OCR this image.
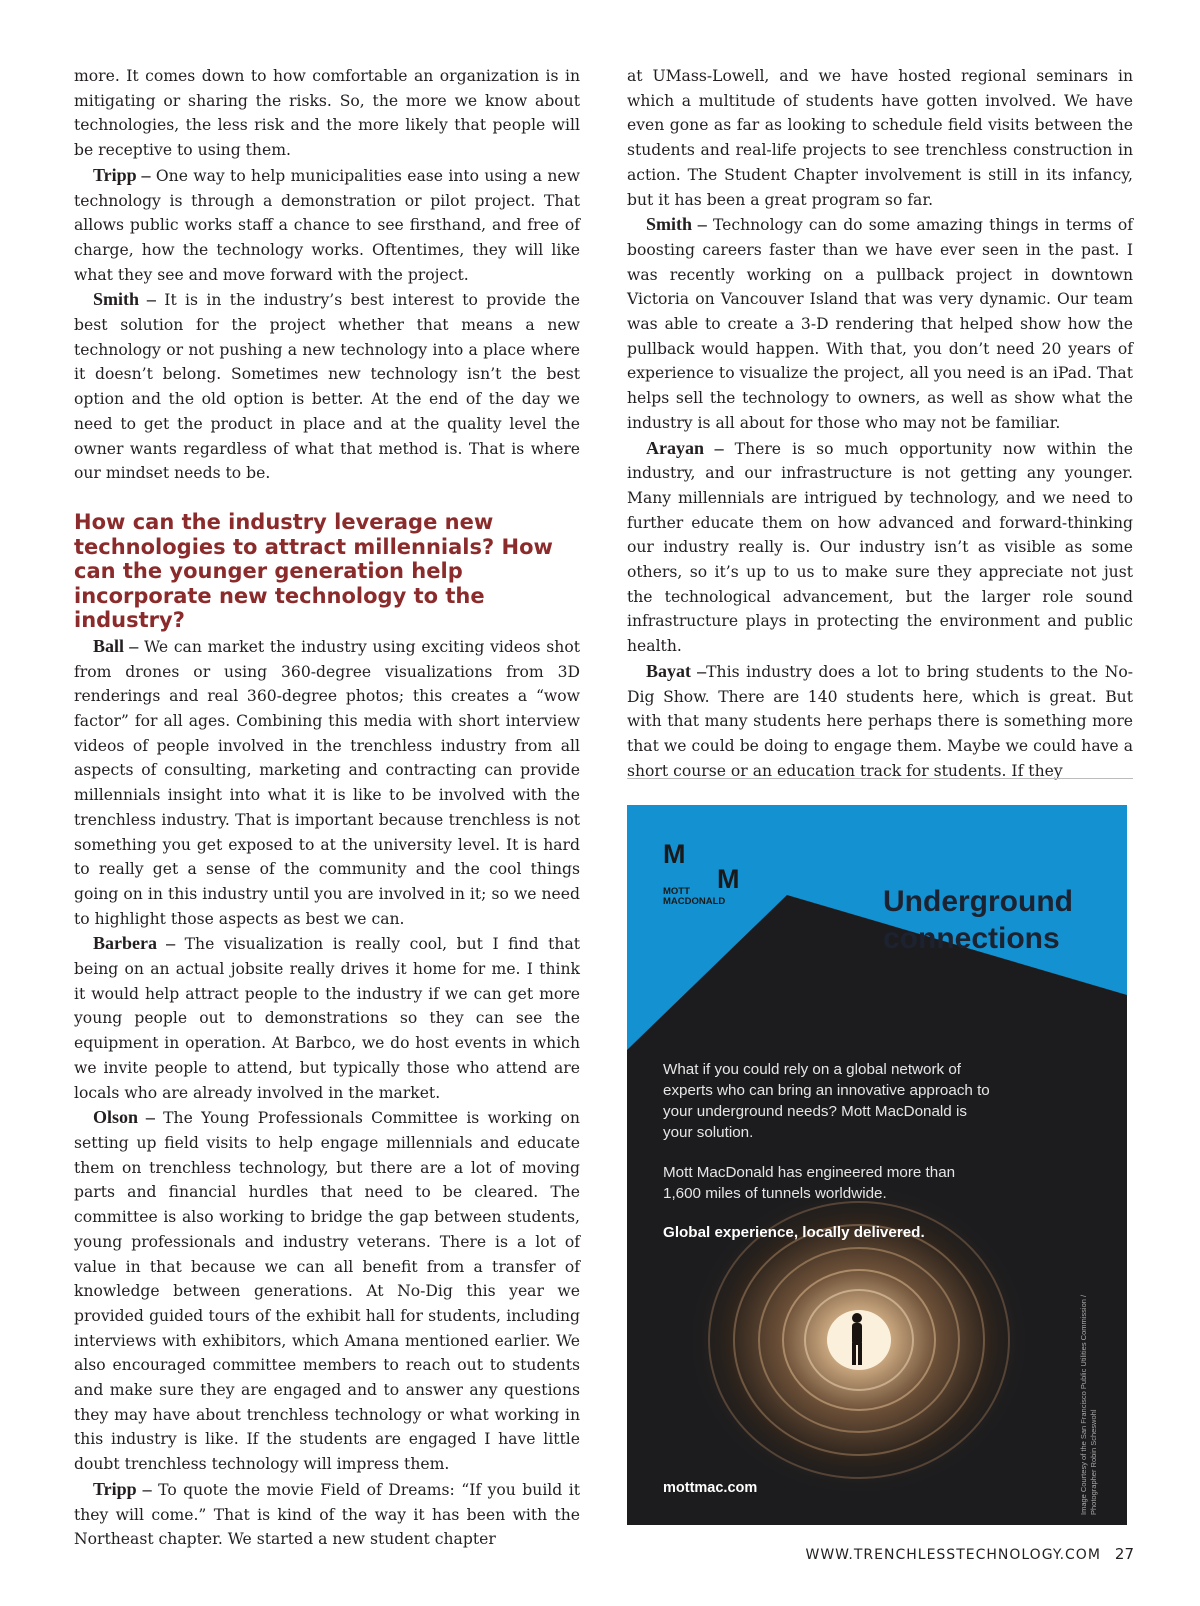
more. It comes down to how comfortable an organization is in mitigating or sharing the risks. So, the more we know about technologies, the less risk and the more likely that people will be receptive to using them.

Tripp – One way to help municipalities ease into using a new technology is through a demonstration or pilot project. That allows public works staff a chance to see firsthand, and free of charge, how the technology works. Oftentimes, they will like what they see and move forward with the project.

Smith – It is in the industry’s best interest to provide the best solution for the project whether that means a new technology or not pushing a new technology into a place where it doesn’t belong. Sometimes new technology isn’t the best option and the old option is better. At the end of the day we need to get the product in place and at the quality level the owner wants regardless of what that method is. That is where our mindset needs to be.

How can the industry leverage new technologies to attract millennials? How can the younger generation help incorporate new technology to the industry?

Ball – We can market the industry using exciting videos shot from drones or using 360-degree visualizations from 3D renderings and real 360-degree photos; this creates a “wow factor” for all ages. Combining this media with short interview videos of people involved in the trenchless industry from all aspects of consulting, marketing and contracting can provide millennials insight into what it is like to be involved with the trenchless industry. That is important because trenchless is not something you get exposed to at the university level. It is hard to really get a sense of the community and the cool things going on in this industry until you are involved in it; so we need to highlight those aspects as best we can.

Barbera – The visualization is really cool, but I find that being on an actual jobsite really drives it home for me. I think it would help attract people to the industry if we can get more young people out to demonstrations so they can see the equipment in operation. At Barbco, we do host events in which we invite people to attend, but typically those who attend are locals who are already involved in the market.

Olson – The Young Professionals Committee is working on setting up field visits to help engage millennials and educate them on trenchless technology, but there are a lot of moving parts and financial hurdles that need to be cleared. The committee is also working to bridge the gap between students, young professionals and industry veterans. There is a lot of value in that because we can all benefit from a transfer of knowledge between generations. At No-Dig this year we provided guided tours of the exhibit hall for students, including interviews with exhibitors, which Amana mentioned earlier. We also encouraged committee members to reach out to students and make sure they are engaged and to answer any questions they may have about trenchless technology or what working in this industry is like. If the students are engaged I have little doubt trenchless technology will impress them.

Tripp – To quote the movie Field of Dreams: “If you build it they will come.” That is kind of the way it has been with the Northeast chapter. We started a new student chapter

at UMass-Lowell, and we have hosted regional seminars in which a multitude of students have gotten involved. We have even gone as far as looking to schedule field visits between the students and real-life projects to see trenchless construction in action. The Student Chapter involvement is still in its infancy, but it has been a great program so far.

Smith – Technology can do some amazing things in terms of boosting careers faster than we have ever seen in the past. I was recently working on a pullback project in downtown Victoria on Vancouver Island that was very dynamic. Our team was able to create a 3-D rendering that helped show how the pullback would happen. With that, you don’t need 20 years of experience to visualize the project, all you need is an iPad. That helps sell the technology to owners, as well as show what the industry is all about for those who may not be familiar.

Arayan – There is so much opportunity now within the industry, and our infrastructure is not getting any younger. Many millennials are intrigued by technology, and we need to further educate them on how advanced and forward-thinking our industry really is. Our industry isn’t as visible as some others, so it’s up to us to make sure they appreciate not just the technological advancement, but the larger role sound infrastructure plays in protecting the environment and public health.

Bayat –This industry does a lot to bring students to the No-Dig Show. There are 140 students here, which is great. But with that many students here perhaps there is something more that we could be doing to engage them. Maybe we could have a short course or an education track for students. If they

M
M
MOTT MACDONALD	Underground connections

What if you could rely on a global network of experts who can bring an innovative approach to your underground needs? Mott MacDonald is your solution.

Mott MacDonald has engineered more than 1,600 miles of tunnels worldwide.

Global experience, locally delivered.
mottmac.com	Image Courtesy of the San Francisco Public Utilities Commission / Photographer Robin Scheswohl
WWW.TRENCHLESSTECHNOLOGY.COM 27
